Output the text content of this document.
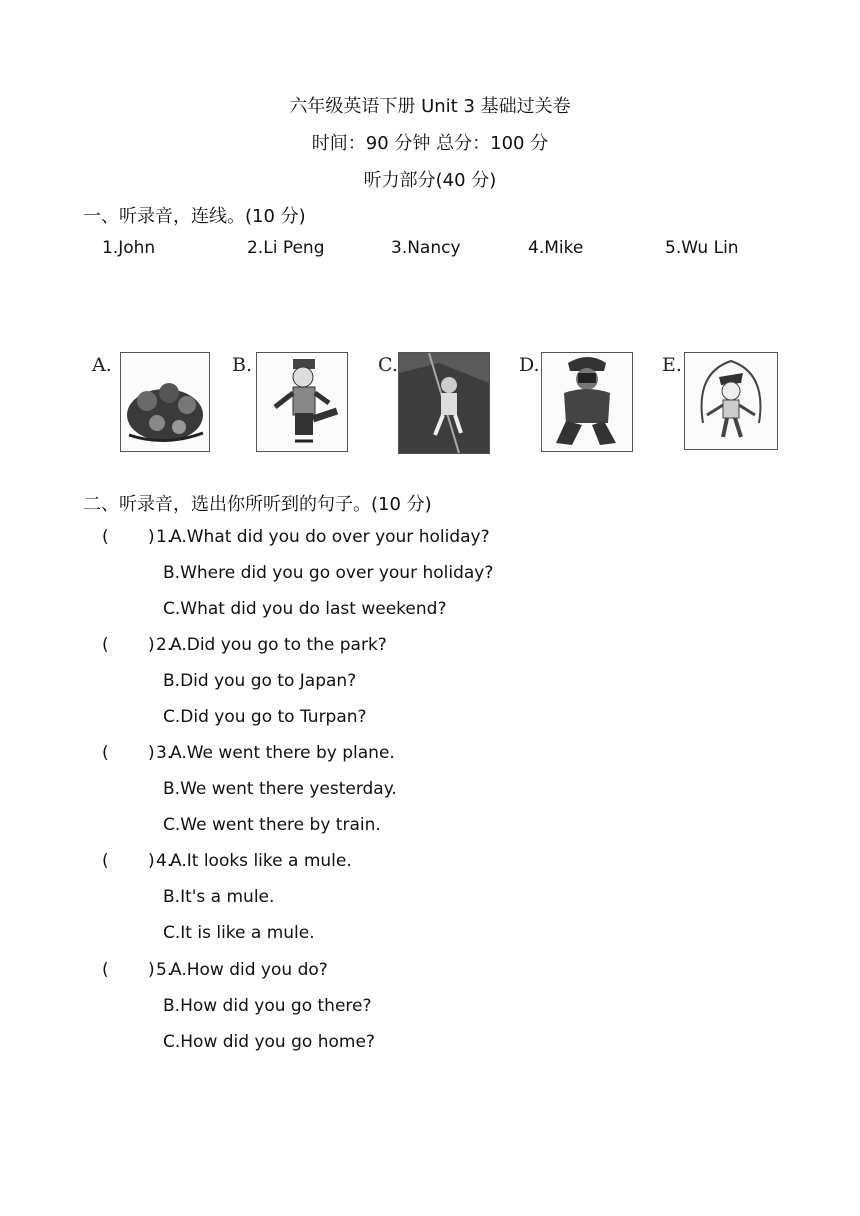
六年级英语下册 Unit 3 基础过关卷
时间：90 分钟 总分：100 分
听力部分(40 分)
一、听录音，连线。(10 分)
1.John	2.Li Peng	3.Nancy	4.Mike	5.Wu Lin
A.	B.	C.	D.	E.
二、听录音，选出你所听到的句子。(10 分)
( ) 1.
A.What did you do over your holiday?
B.Where did you go over your holiday?
C.What did you do last weekend?
( ) 2.
A.Did you go to the park?
B.Did you go to Japan?
C.Did you go to Turpan?
( ) 3.
A.We went there by plane.
B.We went there yesterday.
C.We went there by train.
( ) 4.
A.It looks like a mule.
B.It's a mule.
C.It is like a mule.
( ) 5.
A.How did you do?
B.How did you go there?
C.How did you go home?
